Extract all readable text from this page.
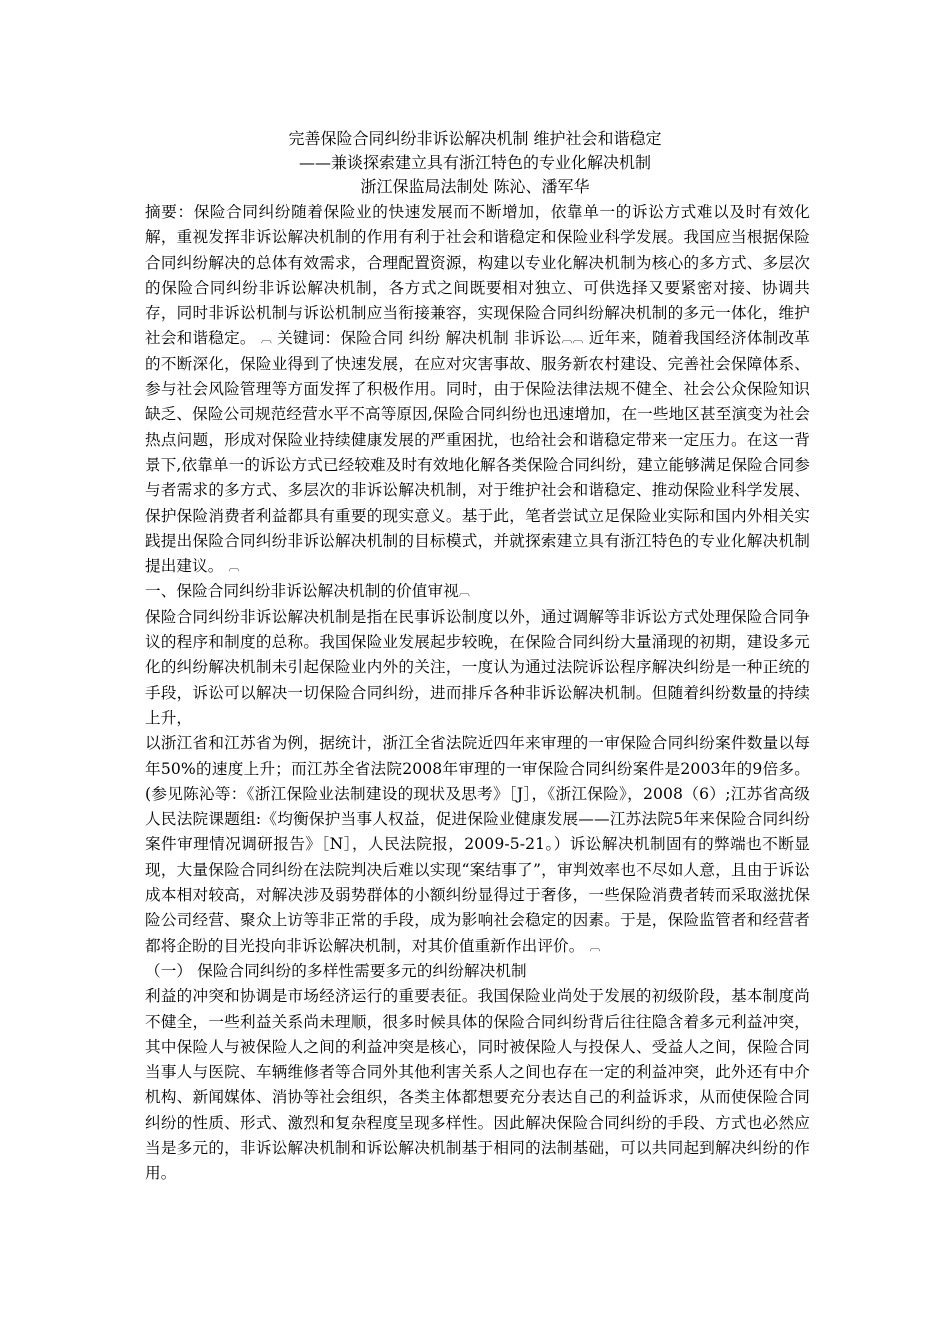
完善保险合同纠纷非诉讼解决机制 维护社会和谐稳定
——兼谈探索建立具有浙江特色的专业化解决机制
浙江保监局法制处 陈沁、潘军华

摘要：保险合同纠纷随着保险业的快速发展而不断增加，依靠单一的诉讼方式难以及时有效化解，重视发挥非诉讼解决机制的作用有利于社会和谐稳定和保险业科学发展。我国应当根据保险合同纠纷解决的总体有效需求，合理配置资源，构建以专业化解决机制为核心的多方式、多层次的保险合同纠纷非诉讼解决机制，各方式之间既要相对独立、可供选择又要紧密对接、协调共存，同时非诉讼机制与诉讼机制应当衔接兼容，实现保险合同纠纷解决机制的多元一体化，维护社会和谐稳定。 ︹ 关键词：保险合同 纠纷 解决机制 非诉讼︹︹ 近年来，随着我国经济体制改革的不断深化，保险业得到了快速发展，在应对灾害事故、服务新农村建设、完善社会保障体系、参与社会风险管理等方面发挥了积极作用。同时，由于保险法律法规不健全、社会公众保险知识缺乏、保险公司规范经营水平不高等原因,保险合同纠纷也迅速增加，在一些地区甚至演变为社会热点问题，形成对保险业持续健康发展的严重困扰，也给社会和谐稳定带来一定压力。在这一背景下,依靠单一的诉讼方式已经较难及时有效地化解各类保险合同纠纷，建立能够满足保险合同参与者需求的多方式、多层次的非诉讼解决机制，对于维护社会和谐稳定、推动保险业科学发展、保护保险消费者利益都具有重要的现实意义。基于此，笔者尝试立足保险业实际和国内外相关实践提出保险合同纠纷非诉讼解决机制的目标模式，并就探索建立具有浙江特色的专业化解决机制提出建议。 ︹

一、保险合同纠纷非诉讼解决机制的价值审视︹

保险合同纠纷非诉讼解决机制是指在民事诉讼制度以外，通过调解等非诉讼方式处理保险合同争议的程序和制度的总称。我国保险业发展起步较晚，在保险合同纠纷大量涌现的初期，建设多元化的纠纷解决机制未引起保险业内外的关注，一度认为通过法院诉讼程序解决纠纷是一种正统的手段，诉讼可以解决一切保险合同纠纷，进而排斥各种非诉讼解决机制。但随着纠纷数量的持续上升，

以浙江省和江苏省为例，据统计，浙江全省法院近四年来审理的一审保险合同纠纷案件数量以每年50%的速度上升；而江苏全省法院2008年审理的一审保险合同纠纷案件是2003年的9倍多。(参见陈沁等：《浙江保险业法制建设的现状及思考》［J］，《浙江保险》，2008（6）;江苏省高级人民法院课题组:《均衡保护当事人权益，促进保险业健康发展——江苏法院5年来保险合同纠纷案件审理情况调研报告》［N］，人民法院报，2009-5-21。）诉讼解决机制固有的弊端也不断显现，大量保险合同纠纷在法院判决后难以实现“案结事了”，审判效率也不尽如人意，且由于诉讼成本相对较高，对解决涉及弱势群体的小额纠纷显得过于奢侈，一些保险消费者转而采取滋扰保险公司经营、聚众上访等非正常的手段，成为影响社会稳定的因素。于是，保险监管者和经营者都将企盼的目光投向非诉讼解决机制，对其价值重新作出评价。 ︹

（一） 保险合同纠纷的多样性需要多元的纠纷解决机制

利益的冲突和协调是市场经济运行的重要表征。我国保险业尚处于发展的初级阶段，基本制度尚不健全，一些利益关系尚未理顺，很多时候具体的保险合同纠纷背后往往隐含着多元利益冲突，其中保险人与被保险人之间的利益冲突是核心，同时被保险人与投保人、受益人之间，保险合同当事人与医院、车辆维修者等合同外其他利害关系人之间也存在一定的利益冲突，此外还有中介机构、新闻媒体、消协等社会组织，各类主体都想要充分表达自己的利益诉求，从而使保险合同纠纷的性质、形式、激烈和复杂程度呈现多样性。因此解决保险合同纠纷的手段、方式也必然应当是多元的，非诉讼解决机制和诉讼解决机制基于相同的法制基础，可以共同起到解决纠纷的作用。
